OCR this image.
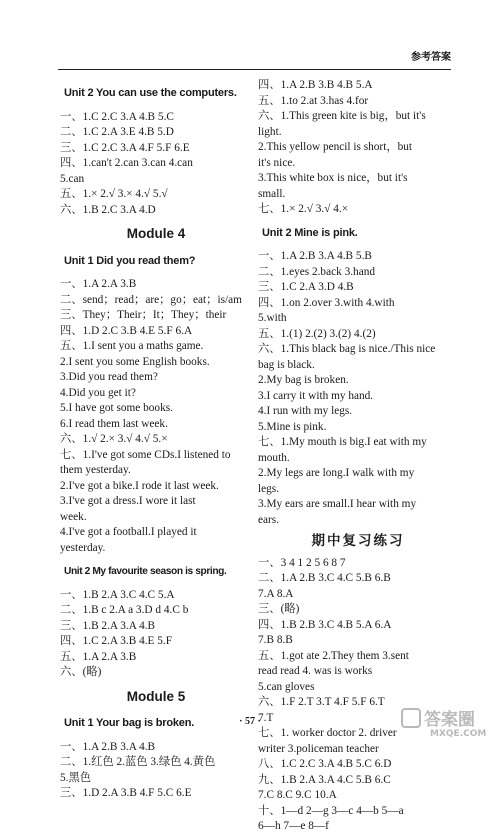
参考答案
Unit 2 You can use the computers.
一、1.C 2.C 3.A 4.B 5.C
二、1.C 2.A 3.E 4.B 5.D
三、1.C 2.C 3.A 4.F 5.F 6.E
四、1.can't 2.can 3.can 4.can
5.can
五、1.× 2.√ 3.× 4.√ 5.√
六、1.B 2.C 3.A 4.D
Module 4
Unit 1 Did you read them?
一、1.A 2.A 3.B
二、send；read；are；go；eat；is/am
三、They；Their；It；They；their
四、1.D 2.C 3.B 4.E 5.F 6.A
五、1.I sent you a maths game.
2.I sent you some English books.
3.Did you read them?
4.Did you get it?
5.I have got some books.
6.I read them last week.
六、1.√ 2.× 3.√ 4.√ 5.×
七、1.I've got some CDs.I listened to
them yesterday.
2.I've got a bike.I rode it last week.
3.I've got a dress.I wore it last
week.
4.I've got a football.I played it
yesterday.
Unit 2 My favourite season is spring.
一、1.B 2.A 3.C 4.C 5.A
二、1.B c 2.A a 3.D d 4.C b
三、1.B 2.A 3.A 4.B
四、1.C 2.A 3.B 4.E 5.F
五、1.A 2.A 3.B
六、(略)
Module 5
Unit 1 Your bag is broken.
一、1.A 2.B 3.A 4.B
二、1.红色 2.蓝色 3.绿色 4.黄色
5.黑色
三、1.D 2.A 3.B 4.F 5.C 6.E
四、1.A 2.B 3.B 4.B 5.A
五、1.to 2.at 3.has 4.for
六、1.This green kite is big，but it's
light.
2.This yellow pencil is short，but
it's nice.
3.This white box is nice，but it's
small.
七、1.× 2.√ 3.√ 4.×
Unit 2 Mine is pink.
一、1.A 2.B 3.A 4.B 5.B
二、1.eyes 2.back 3.hand
三、1.C 2.A 3.D 4.B
四、1.on 2.over 3.with 4.with
5.with
五、1.(1) 2.(2) 3.(2) 4.(2)
六、1.This black bag is nice./This nice
bag is black.
2.My bag is broken.
3.I carry it with my hand.
4.I run with my legs.
5.Mine is pink.
七、1.My mouth is big.I eat with my
mouth.
2.My legs are long.I walk with my
legs.
3.My ears are small.I hear with my
ears.
期中复习练习
一、3 4 1 2 5 6 8 7
二、1.A 2.B 3.C 4.C 5.B 6.B
7.A 8.A
三、(略)
四、1.B 2.B 3.C 4.B 5.A 6.A
7.B 8.B
五、1.got ate 2.They them 3.sent
read read 4. was is works
5.can gloves
六、1.F 2.T 3.T 4.F 5.F 6.T
7.T
七、1. worker doctor 2. driver
writer 3.policeman teacher
八、1.C 2.C 3.A 4.B 5.C 6.D
九、1.B 2.A 3.A 4.C 5.B 6.C
7.C 8.C 9.C 10.A
十、1—d 2—g 3—c 4—b 5—a
6—h 7—e 8—f
· 57 ·	答案圈
MXQE.COM
